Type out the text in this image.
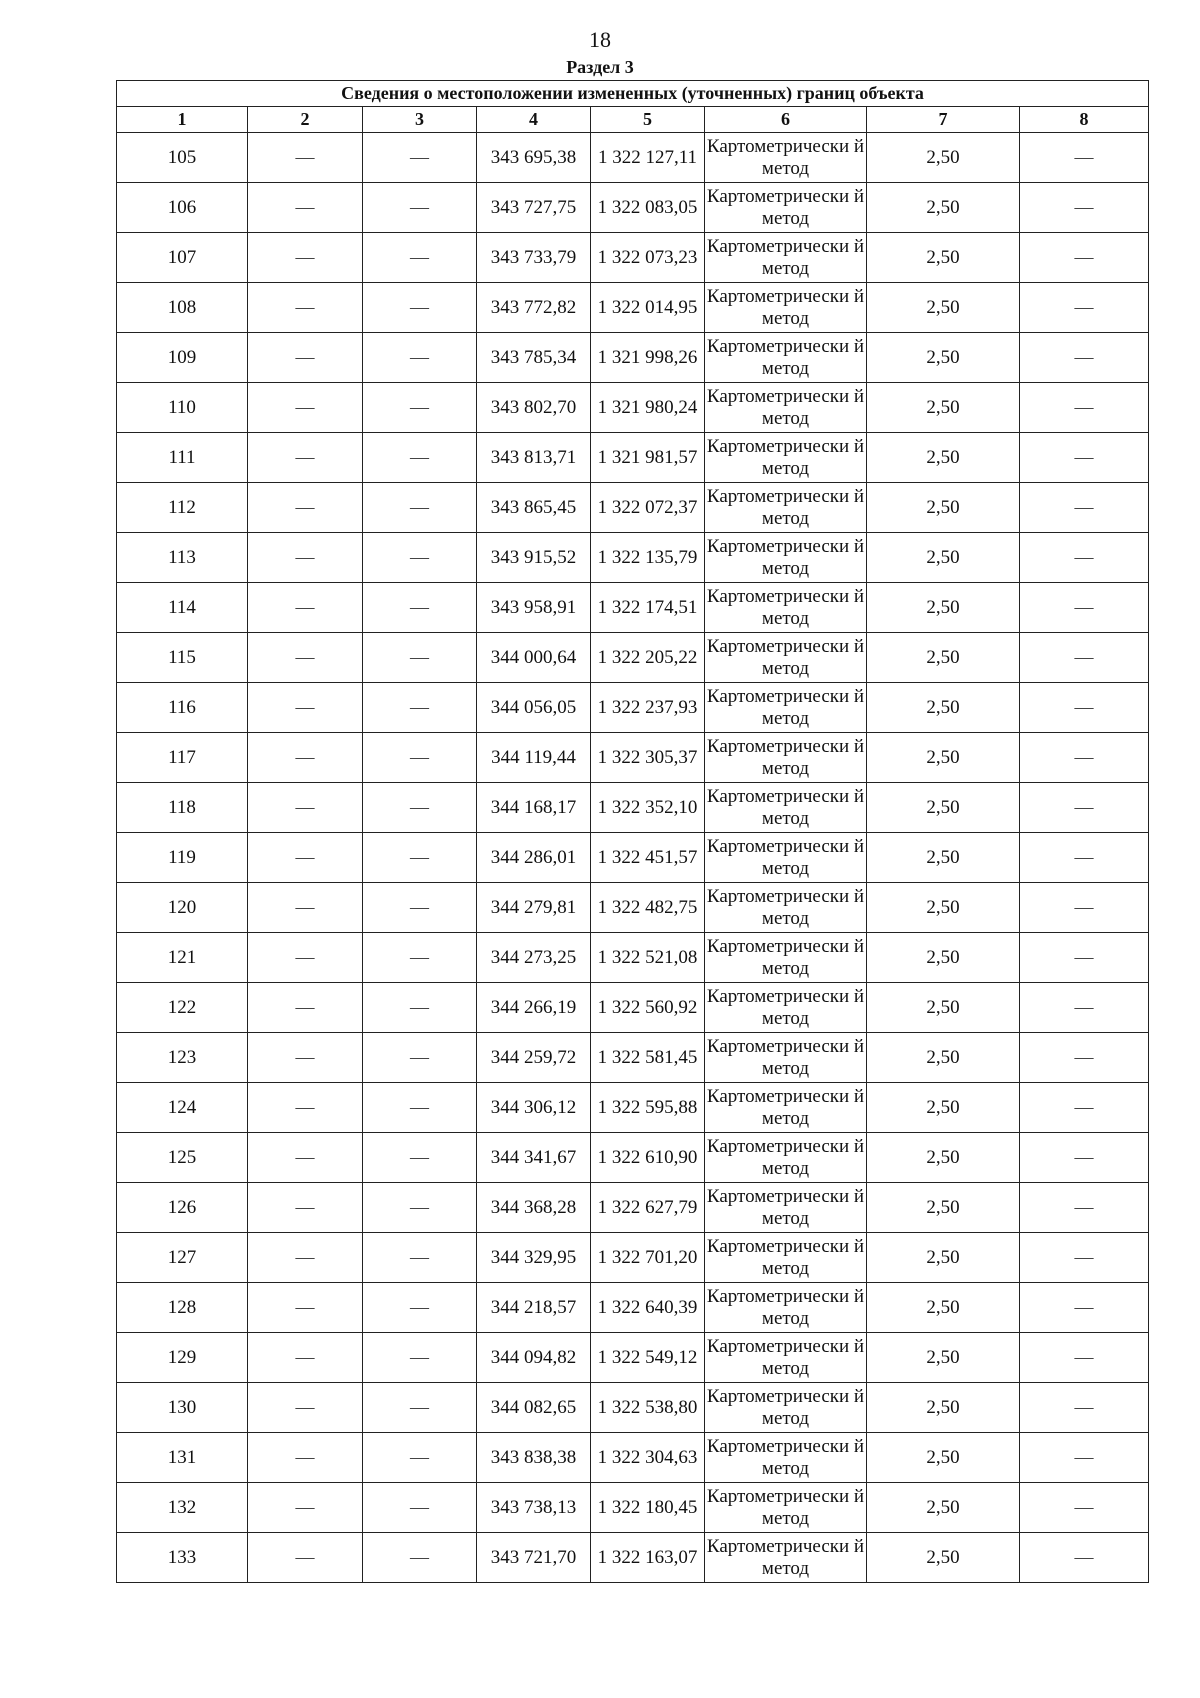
18
Раздел 3
Сведения о местоположении измененных (уточненных) границ объекта							
1	2	3	4	5	6	7	8
105	—	—	343 695,38	1 322 127,11	Картометрически й метод	2,50	—
106	—	—	343 727,75	1 322 083,05	Картометрически й метод	2,50	—
107	—	—	343 733,79	1 322 073,23	Картометрически й метод	2,50	—
108	—	—	343 772,82	1 322 014,95	Картометрически й метод	2,50	—
109	—	—	343 785,34	1 321 998,26	Картометрически й метод	2,50	—
110	—	—	343 802,70	1 321 980,24	Картометрически й метод	2,50	—
111	—	—	343 813,71	1 321 981,57	Картометрически й метод	2,50	—
112	—	—	343 865,45	1 322 072,37	Картометрически й метод	2,50	—
113	—	—	343 915,52	1 322 135,79	Картометрически й метод	2,50	—
114	—	—	343 958,91	1 322 174,51	Картометрически й метод	2,50	—
115	—	—	344 000,64	1 322 205,22	Картометрически й метод	2,50	—
116	—	—	344 056,05	1 322 237,93	Картометрически й метод	2,50	—
117	—	—	344 119,44	1 322 305,37	Картометрически й метод	2,50	—
118	—	—	344 168,17	1 322 352,10	Картометрически й метод	2,50	—
119	—	—	344 286,01	1 322 451,57	Картометрически й метод	2,50	—
120	—	—	344 279,81	1 322 482,75	Картометрически й метод	2,50	—
121	—	—	344 273,25	1 322 521,08	Картометрически й метод	2,50	—
122	—	—	344 266,19	1 322 560,92	Картометрически й метод	2,50	—
123	—	—	344 259,72	1 322 581,45	Картометрически й метод	2,50	—
124	—	—	344 306,12	1 322 595,88	Картометрически й метод	2,50	—
125	—	—	344 341,67	1 322 610,90	Картометрически й метод	2,50	—
126	—	—	344 368,28	1 322 627,79	Картометрически й метод	2,50	—
127	—	—	344 329,95	1 322 701,20	Картометрически й метод	2,50	—
128	—	—	344 218,57	1 322 640,39	Картометрически й метод	2,50	—
129	—	—	344 094,82	1 322 549,12	Картометрически й метод	2,50	—
130	—	—	344 082,65	1 322 538,80	Картометрически й метод	2,50	—
131	—	—	343 838,38	1 322 304,63	Картометрически й метод	2,50	—
132	—	—	343 738,13	1 322 180,45	Картометрически й метод	2,50	—
133	—	—	343 721,70	1 322 163,07	Картометрически й метод	2,50	—
